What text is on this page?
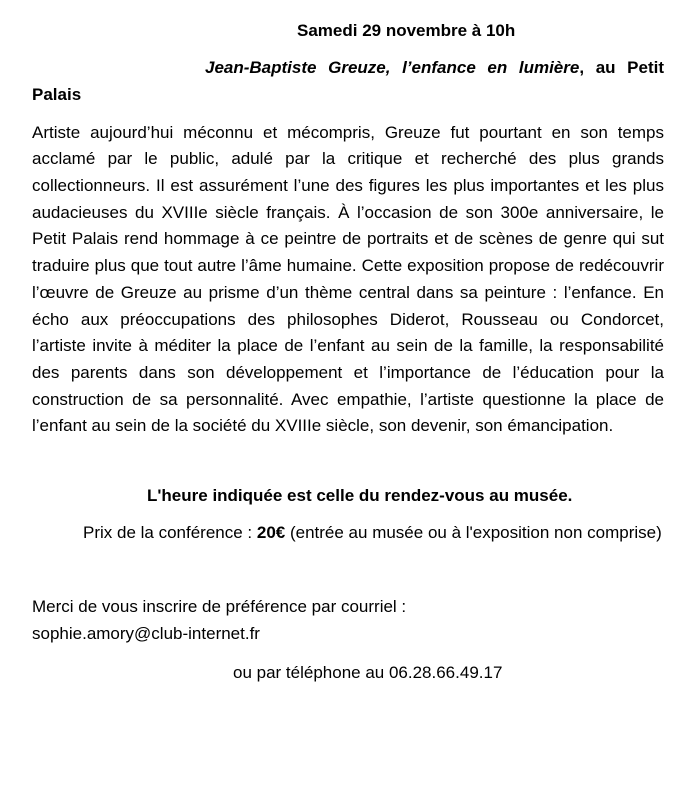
Samedi 29 novembre à 10h

Jean-Baptiste Greuze, l’enfance en lumière, au Petit Palais

Artiste aujourd’hui méconnu et mécompris, Greuze fut pourtant en son temps acclamé par le public, adulé par la critique et recherché des plus grands collectionneurs. Il est assurément l’une des figures les plus importantes et les plus audacieuses du XVIIIe siècle français. À l’occasion de son 300e anniversaire, le Petit Palais rend hommage à ce peintre de portraits et de scènes de genre qui sut traduire plus que tout autre l’âme humaine. Cette exposition propose de redécouvrir l’œuvre de Greuze au prisme d’un thème central dans sa peinture : l’enfance. En écho aux préoccupations des philosophes Diderot, Rousseau ou Condorcet, l’artiste invite à méditer la place de l’enfant au sein de la famille, la responsabilité des parents dans son développement et l’importance de l’éducation pour la construction de sa personnalité. Avec empathie, l’artiste questionne la place de l’enfant au sein de la société du XVIIIe siècle, son devenir, son émancipation.

L'heure indiquée est celle du rendez-vous au musée.

Prix de la conférence : 20€ (entrée au musée ou à l'exposition non comprise)

Merci de vous inscrire de préférence par courriel :
sophie.amory@club-internet.fr

ou par téléphone au 06.28.66.49.17
